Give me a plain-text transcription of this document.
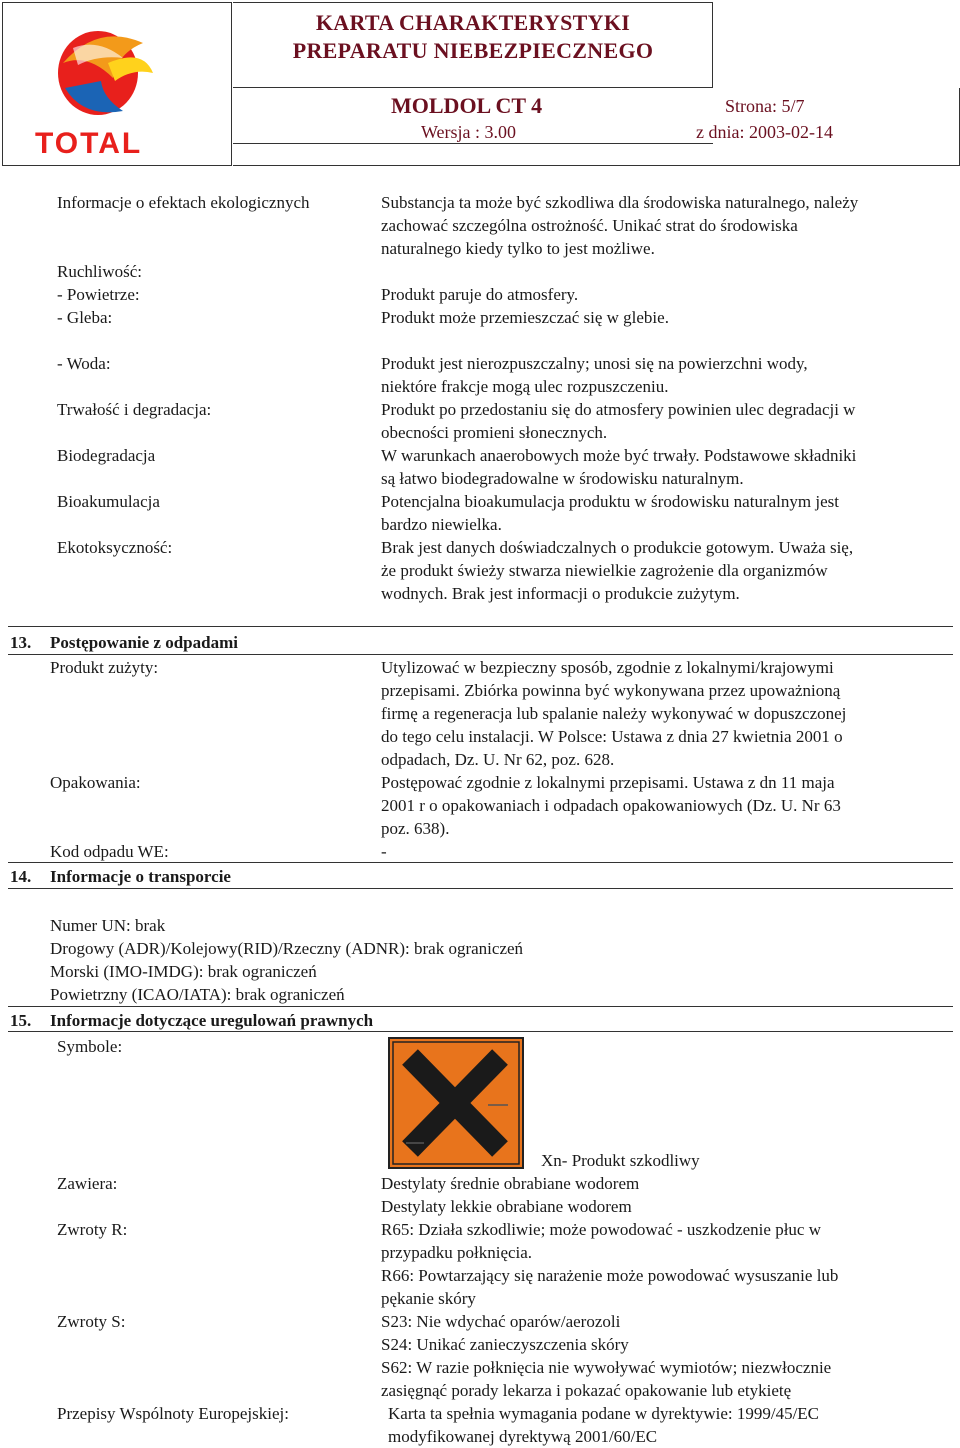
TOTAL
KARTA CHARAKTERYSTYKI
PREPARATU NIEBEZPIECZNEGO
MOLDOL CT 4	Strona: 5/7
Wersja : 3.00	z dnia: 2003-02-14
Informacje o efektach ekologicznych	Substancja ta może być szkodliwa dla środowiska naturalnego, należy
zachować szczególna ostrożność. Unikać strat do środowiska
naturalnego kiedy tylko to jest możliwe.
Ruchliwość:
- Powietrze:	Produkt paruje do atmosfery.
- Gleba:	Produkt może przemieszczać się w glebie.
- Woda:	Produkt jest nierozpuszczalny; unosi się na powierzchni wody,
niektóre frakcje mogą ulec rozpuszczeniu.
Trwałość i degradacja:	Produkt po przedostaniu się do atmosfery powinien ulec degradacji w
obecności promieni słonecznych.
Biodegradacja	W warunkach anaerobowych może być trwały. Podstawowe składniki
są łatwo biodegradowalne w środowisku naturalnym.
Bioakumulacja	Potencjalna bioakumulacja produktu w środowisku naturalnym jest
bardzo niewielka.
Ekotoksyczność:	Brak jest danych doświadczalnych o produkcie gotowym. Uważa się,
że produkt świeży stwarza niewielkie zagrożenie dla organizmów
wodnych. Brak jest informacji o produkcie zużytym.
13. Postępowanie z odpadami
Produkt zużyty:	Utylizować w bezpieczny sposób, zgodnie z lokalnymi/krajowymi
przepisami. Zbiórka powinna być wykonywana przez upoważnioną
firmę a regeneracja lub spalanie należy wykonywać w dopuszczonej
do tego celu instalacji. W Polsce: Ustawa z dnia 27 kwietnia 2001 o
odpadach, Dz. U. Nr 62, poz. 628.
Opakowania:	Postępować zgodnie z lokalnymi przepisami. Ustawa z dn 11 maja
2001 r o opakowaniach i odpadach opakowaniowych (Dz. U. Nr 63
poz. 638).
Kod odpadu WE:	-
14. Informacje o transporcie
Numer UN: brak
Drogowy (ADR)/Kolejowy(RID)/Rzeczny (ADNR): brak ograniczeń
Morski (IMO-IMDG): brak ograniczeń
Powietrzny (ICAO/IATA): brak ograniczeń
15. Informacje dotyczące uregulowań prawnych
Symbole:
Xn- Produkt szkodliwy
Zawiera:	Destylaty średnie obrabiane wodorem
Destylaty lekkie obrabiane wodorem
Zwroty R:	R65: Działa szkodliwie; może powodować - uszkodzenie płuc w
przypadku połknięcia.
R66: Powtarzający się narażenie może powodować wysuszanie lub
pękanie skóry
Zwroty S:	S23: Nie wdychać oparów/aerozoli
S24: Unikać zanieczyszczenia skóry
S62: W razie połknięcia nie wywoływać wymiotów; niezwłocznie
zasięgnąć porady lekarza i pokazać opakowanie lub etykietę
Przepisy Wspólnoty Europejskiej:	Karta ta spełnia wymagania podane w dyrektywie: 1999/45/EC
modyfikowanej dyrektywą 2001/60/EC
